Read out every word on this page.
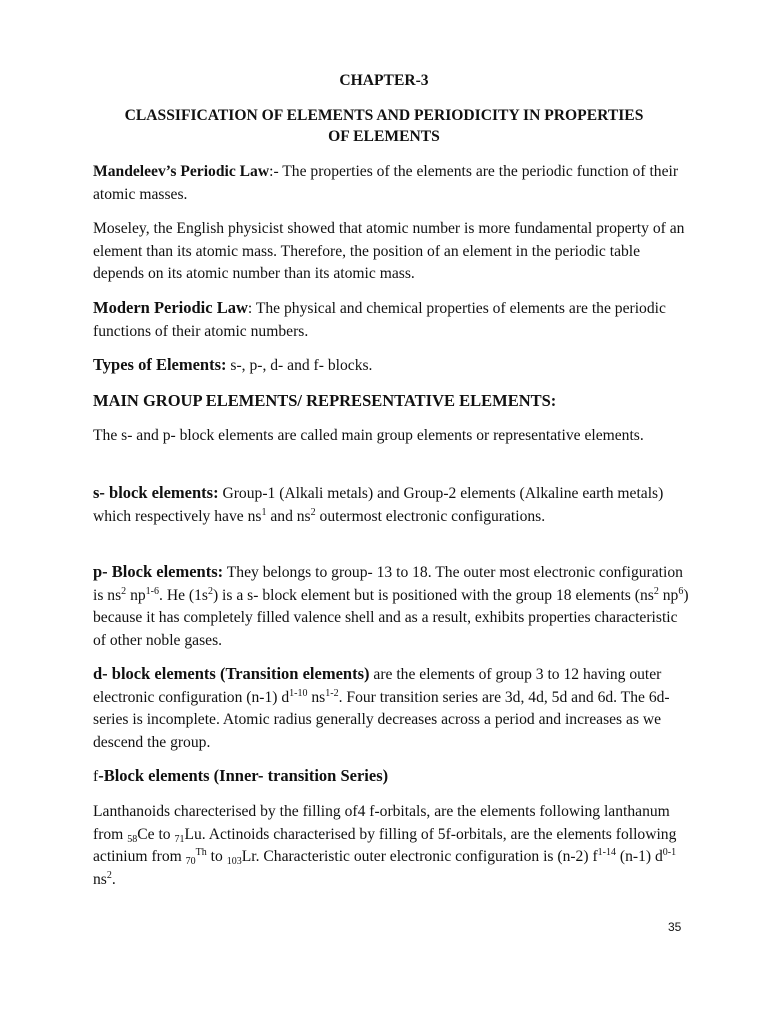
CHAPTER-3
CLASSIFICATION OF ELEMENTS AND PERIODICITY IN PROPERTIES OF ELEMENTS
Mandeleev’s Periodic Law:- The properties of the elements are the periodic function of their atomic masses.
Moseley, the English physicist showed that atomic number is more fundamental property of an element than its atomic mass. Therefore, the position of an element in the periodic table depends on its atomic number than its atomic mass.
Modern Periodic Law: The physical and chemical properties of elements are the periodic functions of their atomic numbers.
Types of Elements: s-, p-, d- and f- blocks.
MAIN GROUP ELEMENTS/ REPRESENTATIVE ELEMENTS:
The s- and p- block elements are called main group elements or representative elements.
s- block elements: Group-1 (Alkali metals) and Group-2 elements (Alkaline earth metals) which respectively have $ns^1$ and $ns^2$ outermost electronic configurations.
p- Block elements: They belongs to group- 13 to 18. The outer most electronic configuration is $ns^2$ $np^{1-6}$. He $(1s^2)$ is a s- block element but is positioned with the group 18 elements ($ns^2$ $np^6$) because it has completely filled valence shell and as a result, exhibits properties characteristic of other noble gases.
d- block elements (Transition elements) are the elements of group 3 to 12 having outer electronic configuration (n-1) $d^{1-10}$ $ns^{1-2}$. Four transition series are 3d, 4d, 5d and 6d. The 6d- series is incomplete. Atomic radius generally decreases across a period and increases as we descend the group.
f-Block elements (Inner- transition Series)
Lanthanoids charecterised by the filling of4 f-orbitals, are the elements following lanthanum from $_{58}$Ce to $_{71}$Lu. Actinoids characterised by filling of 5f-orbitals, are the elements following actinium from $_{70}^{Th}$ to $_{103}$Lr. Characteristic outer electronic configuration is (n-2) $f^{1-14}$ (n-1) $d^{0-1}$ $ns^2$.
35
